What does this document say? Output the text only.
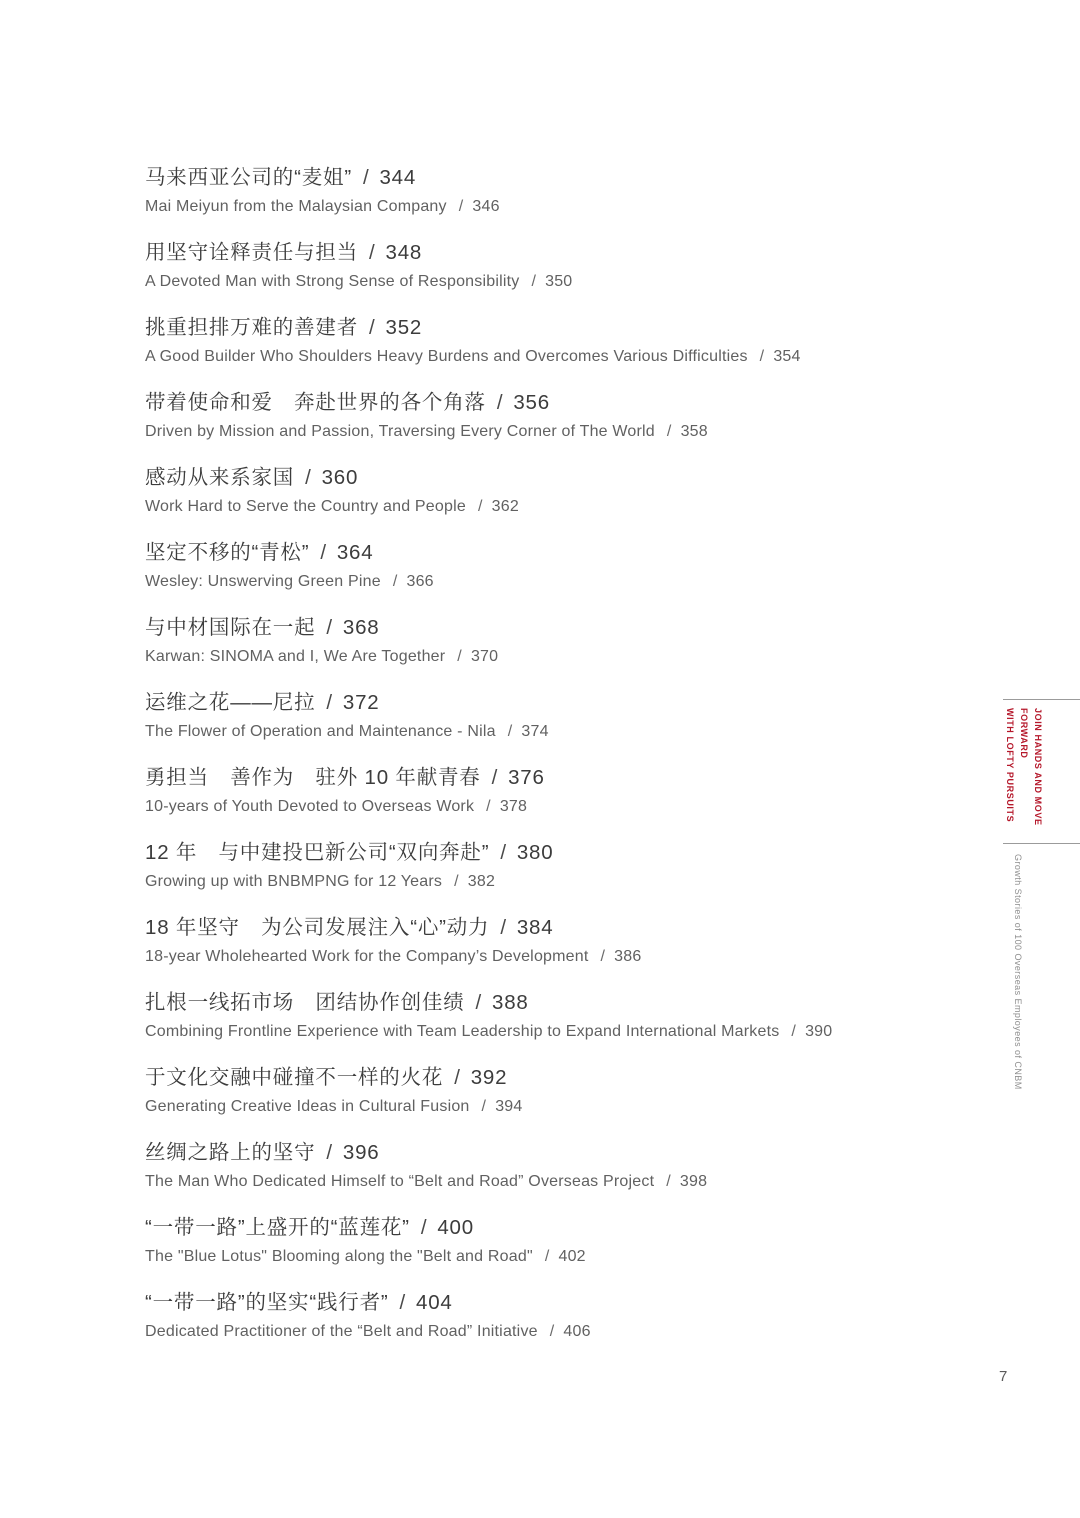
马来西亚公司的“麦姐” / 344
Mai Meiyun from the Malaysian Company / 346
用坚守诠释责任与担当 / 348
A Devoted Man with Strong Sense of Responsibility / 350
挑重担排万难的善建者 / 352
A Good Builder Who Shoulders Heavy Burdens and Overcomes Various Difficulties / 354
带着使命和爱　奔赴世界的各个角落 / 356
Driven by Mission and Passion, Traversing Every Corner of The World / 358
感动从来系家国 / 360
Work Hard to Serve the Country and People / 362
坚定不移的“青松” / 364
Wesley: Unswerving Green Pine / 366
与中材国际在一起 / 368
Karwan: SINOMA and I, We Are Together / 370
运维之花——尼拉 / 372
The Flower of Operation and Maintenance - Nila / 374
勇担当　善作为　驻外 10 年献青春 / 376
10-years of Youth Devoted to Overseas Work / 378
12 年　与中建投巴新公司“双向奔赴” / 380
Growing up with BNBMPNG for 12 Years / 382
18 年坚守　为公司发展注入“心”动力 / 384
18-year Wholehearted Work for the Company’s Development / 386
扎根一线拓市场　团结协作创佳绩 / 388
Combining Frontline Experience with Team Leadership to Expand International Markets / 390
于文化交融中碰撞不一样的火花 / 392
Generating Creative Ideas in Cultural Fusion / 394
丝绸之路上的坚守 / 396
The Man Who Dedicated Himself to “Belt and Road” Overseas Project / 398
“一带一路”上盛开的“蓝莲花” / 400
The "Blue Lotus" Blooming along the "Belt and Road" / 402
“一带一路”的坚实“践行者” / 404
Dedicated Practitioner of the “Belt and Road” Initiative / 406
JOIN HANDS AND MOVE FORWARD
WITH LOFTY PURSUITS
Growth Stories of 100 Overseas Employees of CNBM
7
